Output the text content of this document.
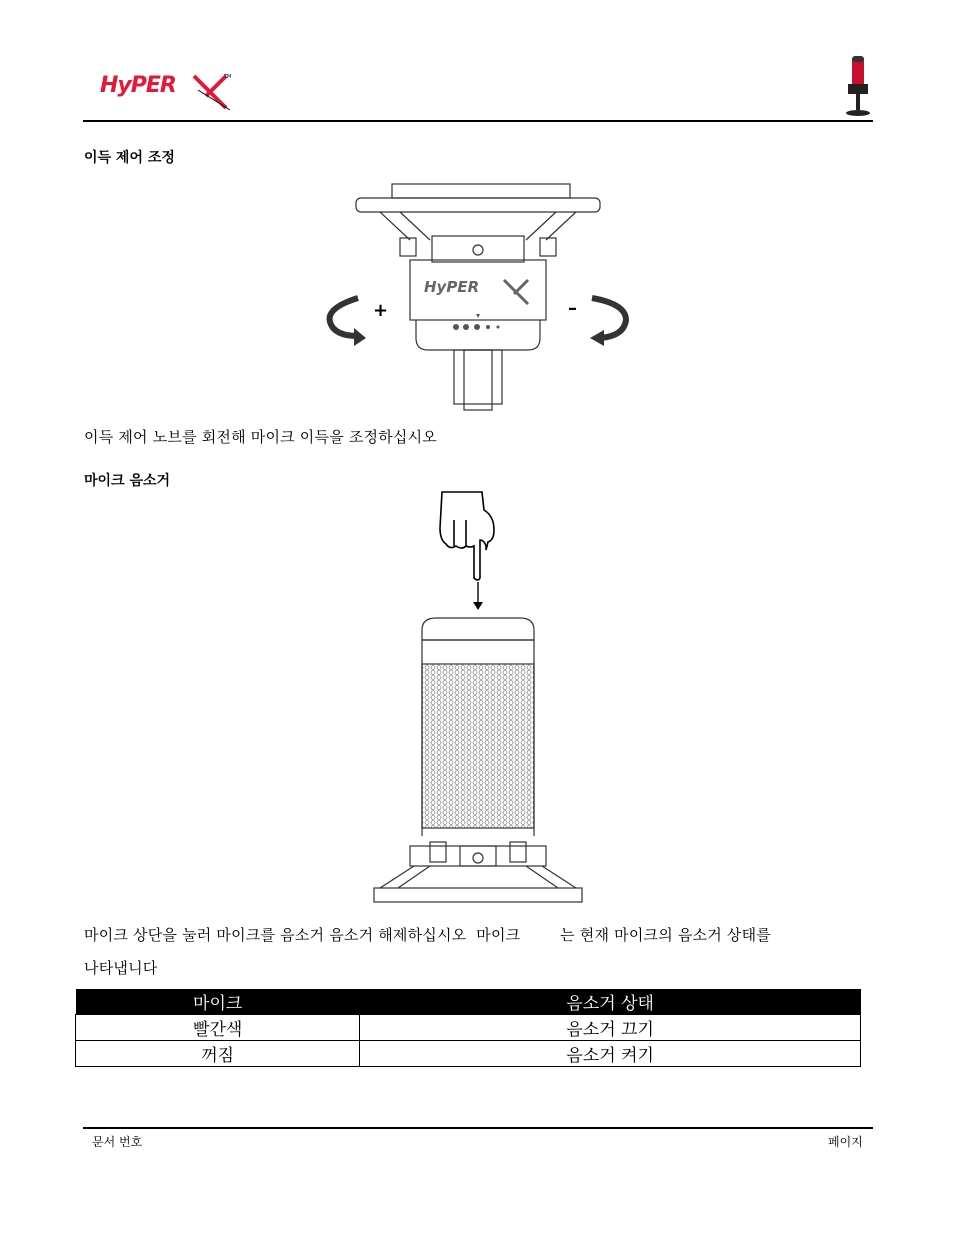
HyPER	TM
이득 제어 조정
HyPER
+	–
이득 제어 노브를 회전해 마이크 이득을 조정하십시오
마이크 음소거
마이크 상단을 눌러 마이크를 음소거 음소거 해제하십시오  마이크        는 현재 마이크의 음소거 상태를
나타냅니다
마이크	음소거 상태
빨간색	음소거 끄기
꺼짐	음소거 켜기
문서 번호	페이지
